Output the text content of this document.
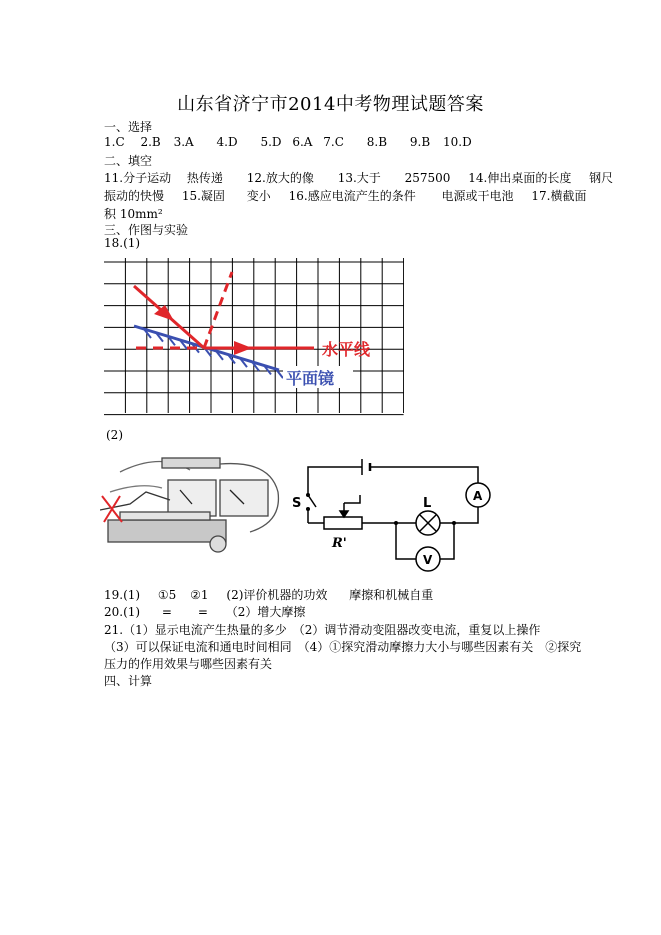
山东省济宁市2014中考物理试题答案
一、选择
1.C 2.B 3.A 4.D 5.D 6.A 7.C 8.B 9.B 10.D
二、填空
11.分子运动 热传递 12.放大的像 13.大于 257500 14.伸出桌面的长度 钢尺
振动的快慢 15.凝固 变小 16.感应电流产生的条件 电源或干电池 17.横截面
积 10mm²
三、作图与实验
18.(1)
水平线
平面镜
(2)
S	L	A
V
R'
19.(1) ①5 ②1 (2)评价机器的功效 摩擦和机械自重
20.(1) = = （2）增大摩擦
21.（1）显示电流产生热量的多少　（2）调节滑动变阻器改变电流，重复以上操作
（3）可以保证电流和通电时间相同　（4）①探究滑动摩擦力大小与哪些因素有关　②探究
压力的作用效果与哪些因素有关
四、计算
